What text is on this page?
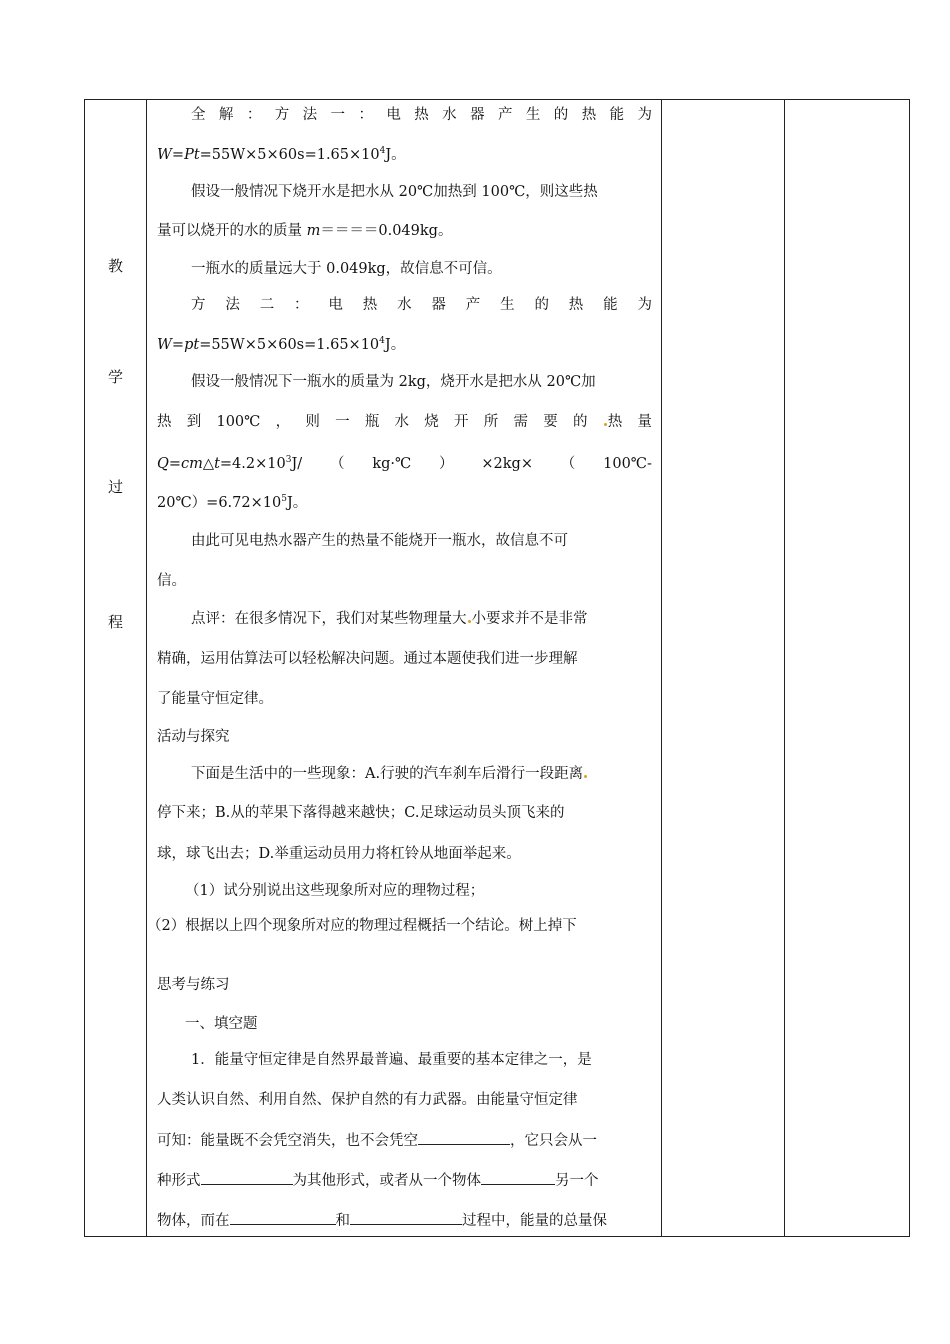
教
学
过
程
全 解 ： 方 法 一 ： 电 热 水 器 产 生 的 热 能 为
$W=Pt=55W\times 5\times 60s=1.65\times 10^4J$。
假设一般情况下烧开水是把水从 20℃加热到 100℃，则这些热
量可以烧开的水的质量 m＝＝＝＝0.049kg。
一瓶水的质量远大于 0.049kg，故信息不可信。
方 法 二 ： 电 热 水 器 产 生 的 热 能 为
$W=pt=55W\times 5\times 60s=1.65\times 10^4J$。
假设一般情况下一瓶水的质量为 2kg，烧开水是把水从 20℃加
热 到 100℃ ， 则 一 瓶 水 烧 开 所 需 要 的	热 量
$Q=cm\triangle t=4.2\times 10^3J/$ （ kg·℃ ） ×2kg× （ 100℃-
$20℃)=6.72\times 10^5J$。
由此可见电热水器产生的热量不能烧开一瓶水，故信息不可
信。
点评：在很多情况下，我们对某些物理量大 小要求并不是非常
精确，运用估算法可以轻松解决问题。通过本题使我们进一步理解
了能量守恒定律。
活动与探究
下面是生活中的一些现象：A.行驶的汽车刹车后滑行一段距离
停下来；B.从的苹果下落得越来越快；C.足球运动员头顶飞来的
球，球飞出去；D.举重运动员用力将杠铃从地面举起来。
（1）试分别说出这些现象所对应的理物过程；
（2）根据以上四个现象所对应的物理过程概括一个结论。树上掉下
思考与练习
一、填空题
1．能量守恒定律是自然界最普遍、最重要的基本定律之一，是
人类认识自然、利用自然、保护自然的有力武器。由能量守恒定律
可知：能量既不会凭空消失，也不会凭空	，它只会从一
种形式	为其他形式，或者从一个物体	另一个
物体，而在	和	过程中，能量的总量保
